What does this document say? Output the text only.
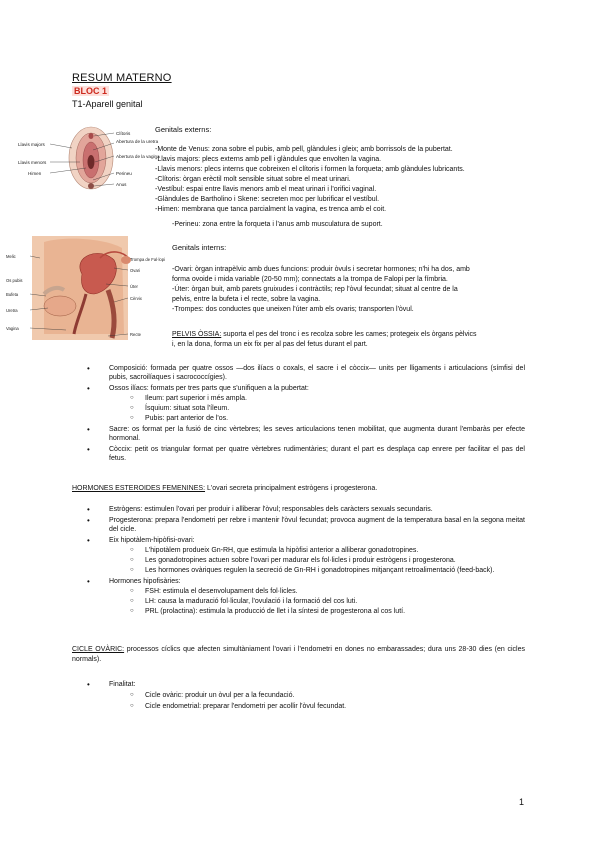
RESUM MATERNO
BLOC 1
T1-Aparell genital
Llavis majors
Llavis menors
Himen
Clítoris
Abertura de la uretra
Abertura de la vagina
Perineu
Anus
Genitals externs:
-Monte de Venus: zona sobre el pubis, amb pell, glàndules i gleix; amb borrissols de la pubertat.
-Llavis majors: plecs externs amb pell i glàndules que envolten la vagina.
-Llavis menors: plecs interns que cobreixen el clítoris i formen la forqueta; amb glàndules lubricants.
-Clítoris: òrgan erèctil molt sensible situat sobre el meat urinari.
-Vestíbul: espai entre llavis menors amb el meat urinari i l'orifici vaginal.
-Glàndules de Bartholino i Skene: secreten moc per lubrificar el vestíbul.
-Himen: membrana que tanca parcialment la vagina, es trenca amb el coit.
-Perineu: zona entre la forqueta i l'anus amb musculatura de suport.
Trompa de Fal·lopi
Ovari
Úter
Bufeta
Uretra
Vagina
Recte
Melic
Os pubis
Cèrvix
Genitals interns:
-Ovari: òrgan intrapèlvic amb dues funcions: produir òvuls i secretar hormones; n'hi ha dos, amb
forma ovoide i mida variable (20-50 mm); connectats a la trompa de Falopi per la fímbria.
-Úter: òrgan buit, amb parets gruixudes i contràctils; rep l'òvul fecundat; situat al centre de la
pelvis, entre la bufeta i el recte, sobre la vagina.
-Trompes: dos conductes que uneixen l'úter amb els ovaris; transporten l'òvul.
PELVIS ÒSSIA: suporta el pes del tronc i es recolza sobre les cames; protegeix els òrgans pèlvics
i, en la dona, forma un eix fix per al pas del fetus durant el part.
• Composició: formada per quatre ossos —dos ilíacs o coxals, el sacre i el còccix— units per lligaments i articulacions (símfisi del pubis, sacroilíaques i sacrococcígies).
• Ossos ilíacs: formats per tres parts que s'unifiquen a la pubertat:
○ Ileum: part superior i més ampla.
○ Ísquium: situat sota l'íleum.
○ Pubis: part anterior de l'os.
• Sacre: os format per la fusió de cinc vèrtebres; les seves articulacions tenen mobilitat, que augmenta durant l'embaràs per efecte hormonal.
• Còccix: petit os triangular format per quatre vèrtebres rudimentàries; durant el part es desplaça cap enrere per facilitar el pas del fetus.
HORMONES ESTEROIDES FEMENINES: L'ovari secreta principalment estrògens i progesterona.
• Estrògens: estimulen l'ovari per produir i alliberar l'òvul; responsables dels caràcters sexuals secundaris.
• Progesterona: prepara l'endometri per rebre i mantenir l'òvul fecundat; provoca augment de la temperatura basal en la segona meitat del cicle.
• Eix hipotàlem-hipòfisi-ovari:
○ L'hipotàlem produeix Gn-RH, que estimula la hipòfisi anterior a alliberar gonadotropines.
○ Les gonadotropines actuen sobre l'ovari per madurar els fol·licles i produir estrògens i progesterona.
○ Les hormones ovàriques regulen la secreció de Gn-RH i gonadotropines mitjançant retroalimentació (feed-back).
• Hormones hipofisàries:
○ FSH: estimula el desenvolupament dels fol·licles.
○ LH: causa la maduració fol·licular, l'ovulació i la formació del cos luti.
○ PRL (prolactina): estimula la producció de llet i la síntesi de progesterona al cos lutí.
CICLE OVÀRIC: processos cíclics que afecten simultàniament l'ovari i l'endometri en dones no embarassades; dura uns 28-30 dies (en cicles normals).
• Finalitat:
○ Cicle ovàric: produir un òvul per a la fecundació.
○ Cicle endometrial: preparar l'endometri per acollir l'òvul fecundat.
1
